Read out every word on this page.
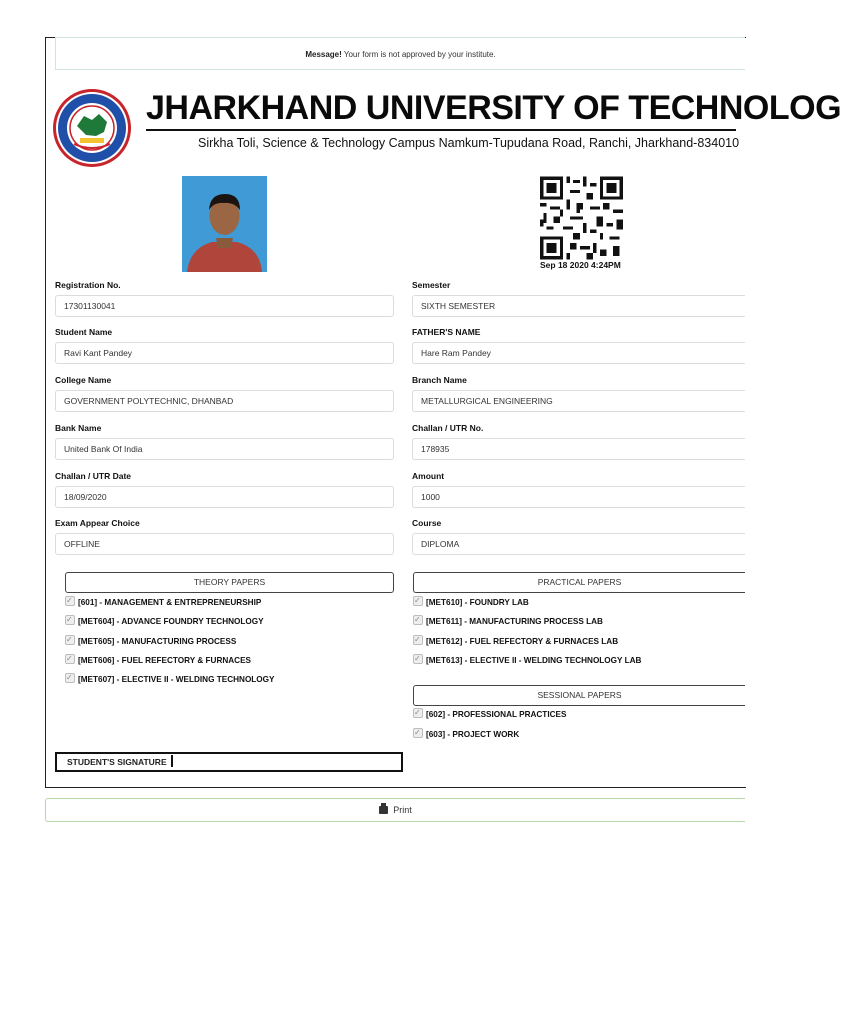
Message! Your form is not approved by your institute.
JHARKHAND UNIVERSITY OF TECHNOLOG
Sirkha Toli, Science & Technology Campus Namkum-Tupudana Road, Ranchi, Jharkhand-834010
Sep 18 2020 4:24PM
Registration No.
17301130041
Semester
SIXTH SEMESTER
Student Name
Ravi Kant Pandey
FATHER'S NAME
Hare Ram Pandey
College Name
GOVERNMENT POLYTECHNIC, DHANBAD
Branch Name
METALLURGICAL ENGINEERING
Bank Name
United Bank Of India
Challan / UTR No.
178935
Challan / UTR Date
18/09/2020
Amount
1000
Exam Appear Choice
OFFLINE
Course
DIPLOMA
THEORY PAPERS
✓[601] - MANAGEMENT & ENTREPRENEURSHIP
✓[MET604] - ADVANCE FOUNDRY TECHNOLOGY
✓[MET605] - MANUFACTURING PROCESS
✓[MET606] - FUEL REFECTORY & FURNACES
✓[MET607] - ELECTIVE II - WELDING TECHNOLOGY
PRACTICAL PAPERS
✓[MET610] - FOUNDRY LAB
✓[MET611] - MANUFACTURING PROCESS LAB
✓[MET612] - FUEL REFECTORY & FURNACES LAB
✓[MET613] - ELECTIVE II - WELDING TECHNOLOGY LAB
SESSIONAL PAPERS
✓[602] - PROFESSIONAL PRACTICES
✓[603] - PROJECT WORK
STUDENT'S SIGNATURE
Print
